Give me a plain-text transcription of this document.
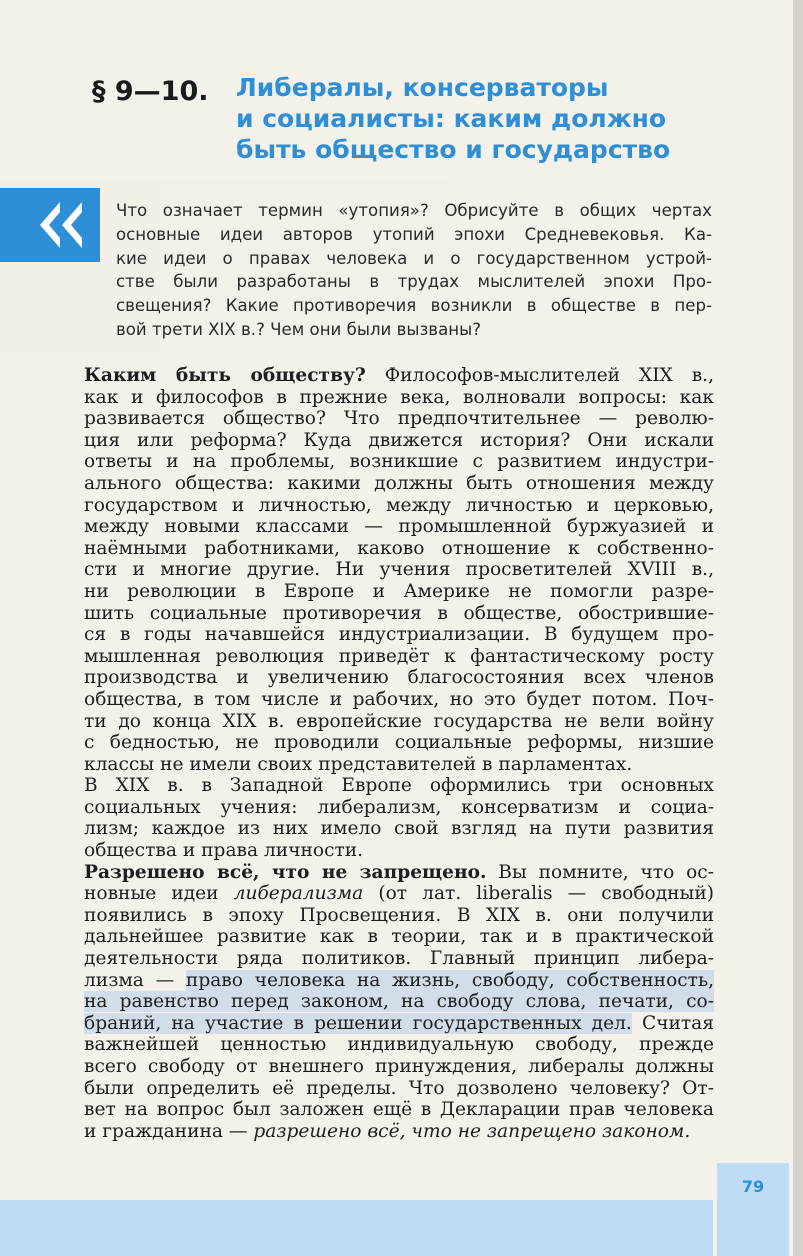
§ 9—10. Либералы, консерваторы
и социалисты: каким должно
быть общество и государство
Что означает термин «утопия»? Обрисуйте в общих чертах
основные идеи авторов утопий эпохи Средневековья. Ка-
кие идеи о правах человека и о государственном устрой-
стве были разработаны в трудах мыслителей эпохи Про-
свещения? Какие противоречия возникли в обществе в пер-
вой трети XIX в.? Чем они были вызваны?
Каким быть обществу? Философов-мыслителей XIX в.,
как и философов в прежние века, волновали вопросы: как
развивается общество? Что предпочтительнее — револю-
ция или реформа? Куда движется история? Они искали
ответы и на проблемы, возникшие с развитием индустри-
ального общества: какими должны быть отношения между
государством и личностью, между личностью и церковью,
между новыми классами — промышленной буржуазией и
наёмными работниками, каково отношение к собственно-
сти и многие другие. Ни учения просветителей XVIII в.,
ни революции в Европе и Америке не помогли разре-
шить социальные противоречия в обществе, обострившие-
ся в годы начавшейся индустриализации. В будущем про-
мышленная революция приведёт к фантастическому росту
производства и увеличению благосостояния всех членов
общества, в том числе и рабочих, но это будет потом. Поч-
ти до конца XIX в. европейские государства не вели войну
с бедностью, не проводили социальные реформы, низшие
классы не имели своих представителей в парламентах.
В XIX в. в Западной Европе оформились три основных
социальных учения: либерализм, консерватизм и социа-
лизм; каждое из них имело свой взгляд на пути развития
общества и права личности.
Разрешено всё, что не запрещено. Вы помните, что ос-
новные идеи либерализма (от лат. liberalis — свободный)
появились в эпоху Просвещения. В XIX в. они получили
дальнейшее развитие как в теории, так и в практической
деятельности ряда политиков. Главный принцип либера-
лизма — право человека на жизнь, свободу, собственность,
на равенство перед законом, на свободу слова, печати, со-
браний, на участие в решении государственных дел. Считая
важнейшей ценностью индивидуальную свободу, прежде
всего свободу от внешнего принуждения, либералы должны
были определить её пределы. Что дозволено человеку? От-
вет на вопрос был заложен ещё в Декларации прав человека
и гражданина — разрешено всё, что не запрещено законом.
79
